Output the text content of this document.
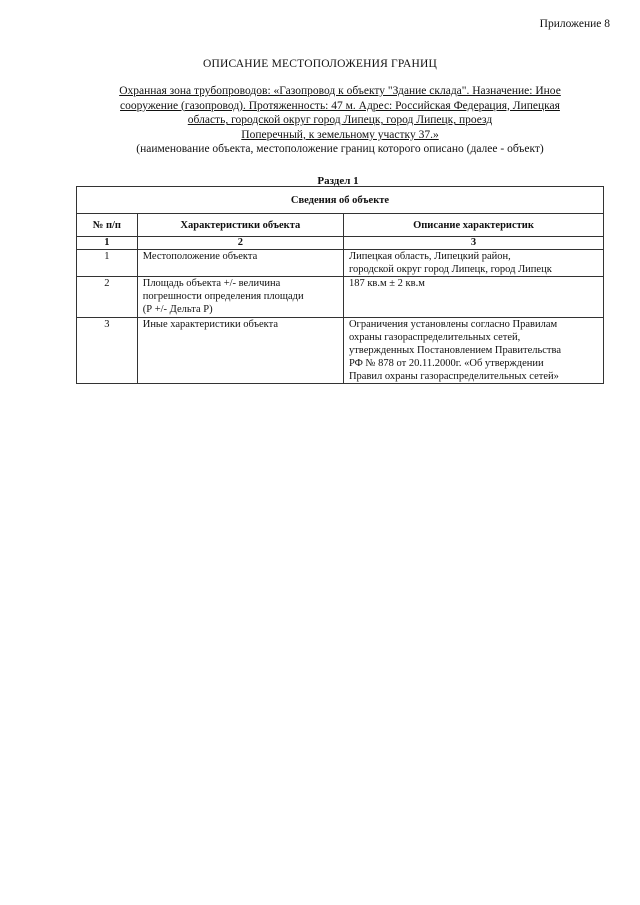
Приложение 8
ОПИСАНИЕ МЕСТОПОЛОЖЕНИЯ ГРАНИЦ
Охранная зона трубопроводов: «Газопровод к объекту "Здание склада". Назначение: Иное
сооружение (газопровод). Протяженность: 47 м. Адрес: Российская Федерация, Липецкая
область, городской округ город Липецк, город Липецк, проезд
Поперечный, к земельному участку 37.»
(наименование объекта, местоположение границ которого описано (далее - объект)
Раздел 1
Сведения об объекте		
№ п/п	Характеристики объекта	Описание характеристик
1	2	3
1	Местоположение объекта	Липецкая область, Липецкий район,
городской округ город Липецк, город Липецк
2	Площадь объекта +/- величина
погрешности определения площади
(Р +/- Дельта Р)	187 кв.м ± 2 кв.м
3	Иные характеристики объекта	Ограничения установлены согласно Правилам
охраны газораспределительных сетей,
утвержденных Постановлением Правительства
РФ № 878 от 20.11.2000г. «Об утверждении
Правил охраны газораспределительных сетей»
